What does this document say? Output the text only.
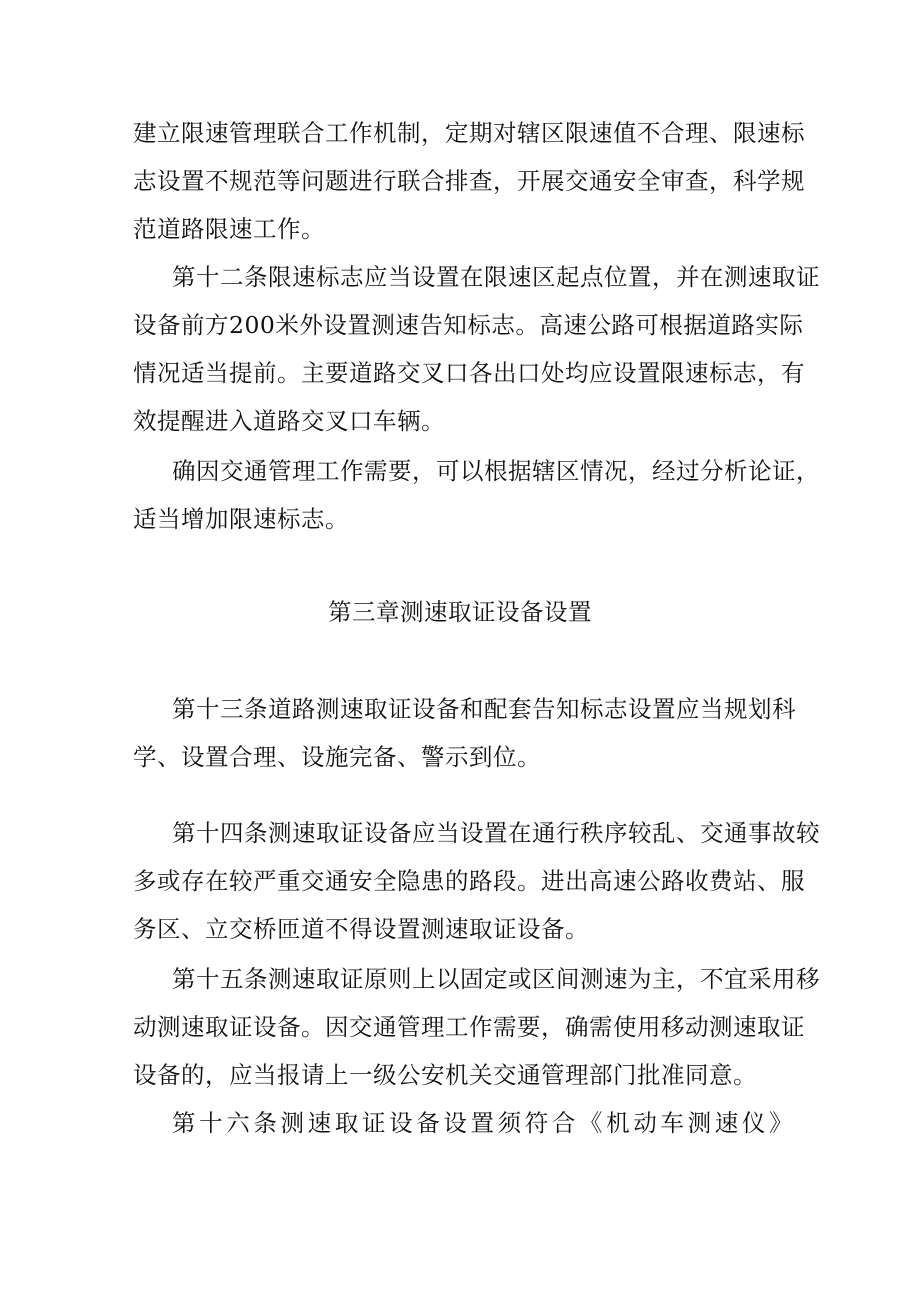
建立限速管理联合工作机制，定期对辖区限速值不合理、限速标
志设置不规范等问题进行联合排查，开展交通安全审查，科学规
范道路限速工作。
第十二条限速标志应当设置在限速区起点位置，并在测速取证
设备前方200米外设置测速告知标志。高速公路可根据道路实际
情况适当提前。主要道路交叉口各出口处均应设置限速标志，有
效提醒进入道路交叉口车辆。
确因交通管理工作需要，可以根据辖区情况，经过分析论证，
适当增加限速标志。
第三章测速取证设备设置
第十三条道路测速取证设备和配套告知标志设置应当规划科
学、设置合理、设施完备、警示到位。
第十四条测速取证设备应当设置在通行秩序较乱、交通事故较
多或存在较严重交通安全隐患的路段。进出高速公路收费站、服
务区、立交桥匝道不得设置测速取证设备。
第十五条测速取证原则上以固定或区间测速为主，不宜采用移
动测速取证设备。因交通管理工作需要，确需使用移动测速取证
设备的，应当报请上一级公安机关交通管理部门批准同意。
第十六条测速取证设备设置须符合《机动车测速仪》
